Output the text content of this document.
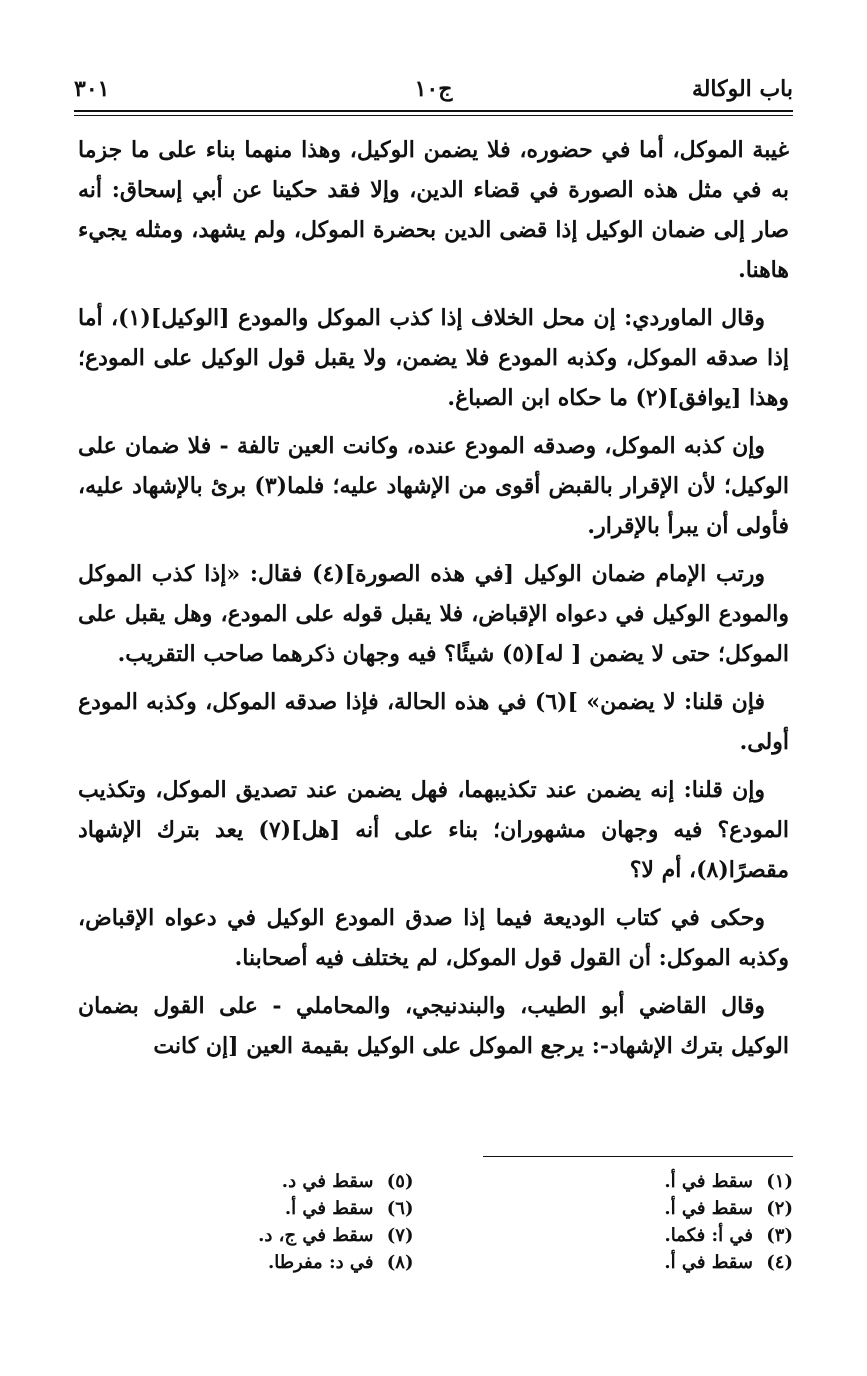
باب الوكالة
ج١٠
٣٠١

غيبة الموكل، أما في حضوره، فلا يضمن الوكيل، وهذا منهما بناء على ما جزما به في مثل هذه الصورة في قضاء الدين، وإلا فقد حكينا عن أبي إسحاق: أنه صار إلى ضمان الوكيل إذا قضى الدين بحضرة الموكل، ولم يشهد، ومثله يجيء هاهنا.

وقال الماوردي: إن محل الخلاف إذا كذب الموكل والمودع [الوكيل](١)، أما إذا صدقه الموكل، وكذبه المودع فلا يضمن، ولا يقبل قول الوكيل على المودع؛ وهذا [يوافق](٢) ما حكاه ابن الصباغ.

وإن كذبه الموكل، وصدقه المودع عنده، وكانت العين تالفة - فلا ضمان على الوكيل؛ لأن الإقرار بالقبض أقوى من الإشهاد عليه؛ فلما(٣) برئ بالإشهاد عليه، فأولى أن يبرأ بالإقرار.

ورتب الإمام ضمان الوكيل [في هذه الصورة](٤) فقال: «إذا كذب الموكل والمودع الوكيل في دعواه الإقباض، فلا يقبل قوله على المودع، وهل يقبل على الموكل؛ حتى لا يضمن [ له](٥) شيئًا؟ فيه وجهان ذكرهما صاحب التقريب.

فإن قلنا: لا يضمن» ](٦) في هذه الحالة، فإذا صدقه الموكل، وكذبه المودع أولى.

وإن قلنا: إنه يضمن عند تكذيبهما، فهل يضمن عند تصديق الموكل، وتكذيب المودع؟ فيه وجهان مشهوران؛ بناء على أنه [هل](٧) يعد بترك الإشهاد مقصرًا(٨)، أم لا؟

وحكى في كتاب الوديعة فيما إذا صدق المودع الوكيل في دعواه الإقباض، وكذبه الموكل: أن القول قول الموكل، لم يختلف فيه أصحابنا.

وقال القاضي أبو الطيب، والبندنيجي، والمحاملي - على القول بضمان الوكيل بترك الإشهاد-: يرجع الموكل على الوكيل بقيمة العين [إن كانت

(١)
سقط في أ.
(٥)
سقط في د.
(٢)
سقط في أ.
(٦)
سقط في أ.
(٣)
في أ: فكما.
(٧)
سقط في ج، د.
(٤)
سقط في أ.
(٨)
في د: مفرطا.
